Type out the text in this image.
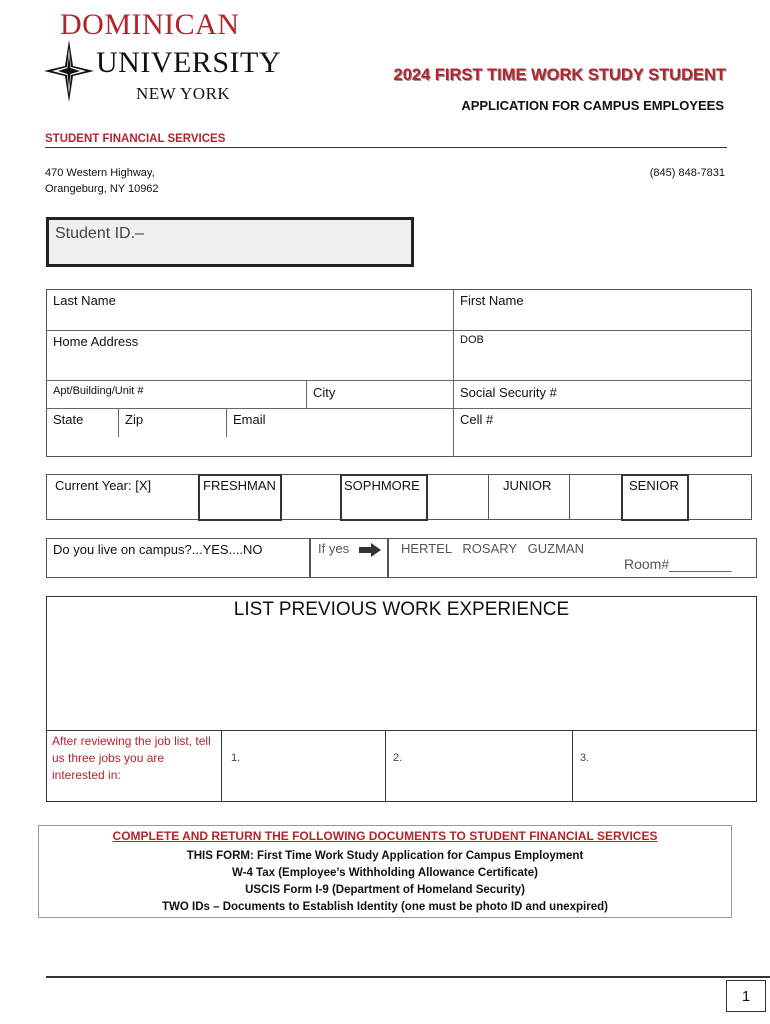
DOMINICAN
UNIVERSITY
NEW YORK
2024 FIRST TIME WORK STUDY STUDENT
APPLICATION FOR CAMPUS EMPLOYEES
STUDENT FINANCIAL SERVICES
470 Western Highway,
Orangeburg, NY 10962
(845) 848-7831
Student ID.–
Last Name	First Name
Home Address	DOB
Apt/Building/Unit #	City	Social Security #
State	Zip	Email	Cell #
Current Year: [X]	FRESHMAN	SOPHMORE	JUNIOR	SENIOR
Do you live on campus?...YES....NO	If yes	HERTEL   ROSARY   GUZMAN
Room#________
LIST PREVIOUS WORK EXPERIENCE
After reviewing the job list, tell us three jobs you are interested in:
1.	2.	3.
COMPLETE AND RETURN THE FOLLOWING DOCUMENTS TO STUDENT FINANCIAL SERVICES
THIS FORM: First Time Work Study Application for Campus Employment
W-4 Tax (Employee’s Withholding Allowance Certificate)
USCIS Form I-9 (Department of Homeland Security)
TWO IDs – Documents to Establish Identity (one must be photo ID and unexpired)
1
